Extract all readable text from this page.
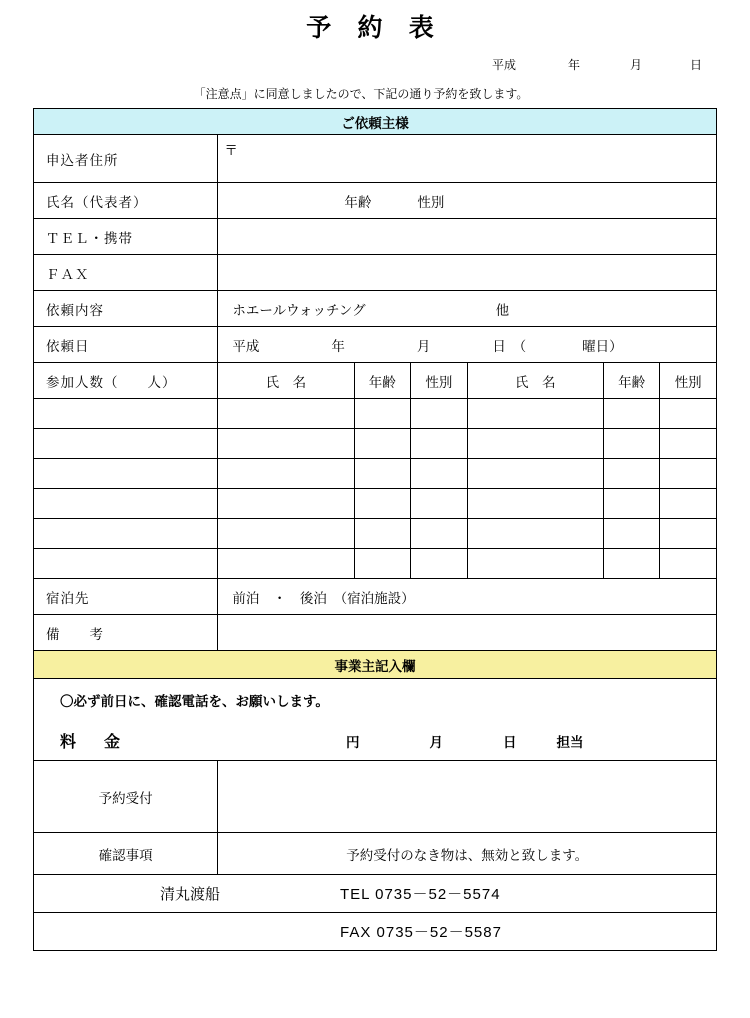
予 約 表
平成	年	月	日
「注意点」に同意しましたので、下記の通り予約を致します。
ご依頼主様						
申込者住所	〒					
氏名（代表者）	年齢 性別					
ＴＥＬ・携帯						
ＦＡＸ						
依頼内容	ホエールウォッチング 他					
依頼日	平成 年 月 日　（ 曜日）					
参加人数（　　人）	氏　名	年齢	性別	氏　名	年齢	性別

宿泊先	前泊　・　後泊　（宿泊施設）					
備　　考						
事業主記入欄						
〇必ず前日に、確認電話を、お願いします。						
料　金 円 月 日 担当						
予約受付						
確認事項	予約受付のなき物は、無効と致します。					

清丸渡船 TEL 0735－52－5574						

FAX 0735－52－5587						
